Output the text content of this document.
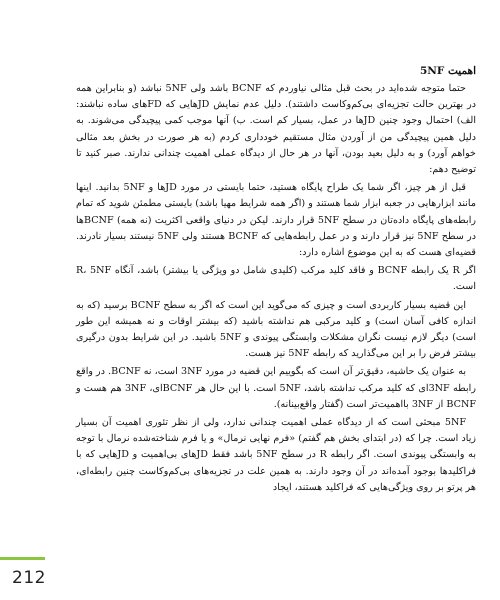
اهمیت 5NF

حتما متوجه شده‌اید در بحث قبل مثالی نیاوردم که BCNF باشد ولی 5NF نباشد (و بنابراین همه در بهترین حالت تجزیه‌ای بی‌کم‌وکاست داشتند). دلیل عدم نمایش JDهایی که FDهای ساده نباشند: الف) احتمال وجود چنین JDها در عمل، بسیار کم است. ب) آنها موجب کمی پیچیدگی می‌شوند. به دلیل همین پیچیدگی من از آوردن مثال مستقیم خودداری کردم (به هر صورت در بخش بعد مثالی خواهم آورد) و به دلیل بعید بودن، آنها در هر حال از دیدگاه عملی اهمیت چندانی ندارند. صبر کنید تا توضیح دهم:

قبل از هر چیز، اگر شما یک طراح پایگاه هستید، حتما بایستی در مورد JDها و 5NF بدانید. اینها مانند ابزارهایی در جعبه ابزار شما هستند و (اگر همه شرایط مهیا باشد) بایستی مطمئن شوید که تمام رابطه‌های پایگاه داده‌تان در سطح 5NF قرار دارند. لیکن در دنیای واقعی اکثریت (نه همه) BCNFها در سطح 5NF نیز قرار دارند و در عمل رابطه‌هایی که BCNF هستند ولی 5NF نیستند بسیار نادرند. قضیه‌ای هست که به این موضوع اشاره دارد:

اگر R یک رابطه BCNF و فاقد کلید مرکب (کلیدی شامل دو ویژگی یا بیشتر) باشد، آنگاه R، 5NF است.

این قضیه بسیار کاربردی است و چیزی که می‌گوید این است که اگر به سطح BCNF برسید (که به اندازه کافی آسان است) و کلید مرکبی هم نداشته باشید (که بیشتر اوقات و نه همیشه این طور است) دیگر لازم نیست نگران مشکلات وابستگی پیوندی و 5NF باشید. در این شرایط بدون درگیری بیشتر فرض را بر این می‌گذارید که رابطه 5NF نیز هست.

به عنوان یک حاشیه، دقیق‌تر آن است که بگوییم این قضیه در مورد 3NF است، نه BCNF. در واقع رابطه 3NFای که کلید مرکب نداشته باشد، 5NF است. با این حال هر BCNFای، 3NF هم هست و BCNF از 3NF بااهمیت‌تر است (گفتار واقع‌بینانه).

5NF مبحثی است که از دیدگاه عملی اهمیت چندانی ندارد، ولی از نظر تئوری اهمیت آن بسیار زیاد است. چرا که (در ابتدای بخش هم گفتم) «فرم نهایی نرمال» و یا فرم شناخته‌شده نرمال با توجه به وابستگی پیوندی است. اگر رابطه R در سطح 5NF باشد فقط JDهای بی‌اهمیت و JDهایی که با فراکلیدها بوجود آمده‌اند در آن وجود دارند. به همین علت در تجزیه‌های بی‌کم‌وکاست چنین رابطه‌ای، هر پرتو بر روی ویژگی‌هایی که فراکلید هستند، ایجاد

212
